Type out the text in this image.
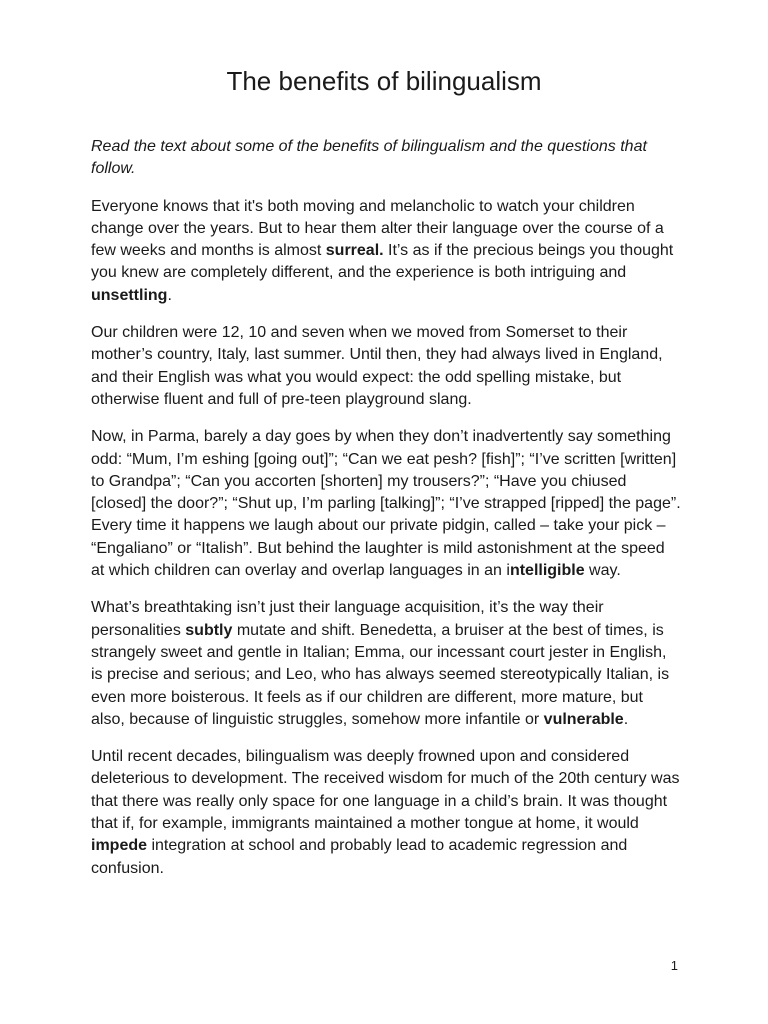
The benefits of bilingualism

Read the text about some of the benefits of bilingualism and the questions that follow.

Everyone knows that it's both moving and melancholic to watch your children change over the years. But to hear them alter their language over the course of a few weeks and months is almost surreal. It’s as if the precious beings you thought you knew are completely different, and the experience is both intriguing and unsettling.

Our children were 12, 10 and seven when we moved from Somerset to their mother’s country, Italy, last summer. Until then, they had always lived in England, and their English was what you would expect: the odd spelling mistake, but otherwise fluent and full of pre-teen playground slang.

Now, in Parma, barely a day goes by when they don’t inadvertently say something odd: “Mum, I’m eshing [going out]”; “Can we eat pesh? [fish]”; “I’ve scritten [written] to Grandpa”; “Can you accorten [shorten] my trousers?”; “Have you chiused [closed] the door?”; “Shut up, I’m parling [talking]”; “I’ve strapped [ripped] the page”. Every time it happens we laugh about our private pidgin, called – take your pick – “Engaliano” or “Italish”. But behind the laughter is mild astonishment at the speed at which children can overlay and overlap languages in an intelligible way.

What’s breathtaking isn’t just their language acquisition, it’s the way their personalities subtly mutate and shift. Benedetta, a bruiser at the best of times, is strangely sweet and gentle in Italian; Emma, our incessant court jester in English, is precise and serious; and Leo, who has always seemed stereotypically Italian, is even more boisterous. It feels as if our children are different, more mature, but also, because of linguistic struggles, somehow more infantile or vulnerable.

Until recent decades, bilingualism was deeply frowned upon and considered deleterious to development. The received wisdom for much of the 20th century was that there was really only space for one language in a child’s brain. It was thought that if, for example, immigrants maintained a mother tongue at home, it would impede integration at school and probably lead to academic regression and confusion.

1
